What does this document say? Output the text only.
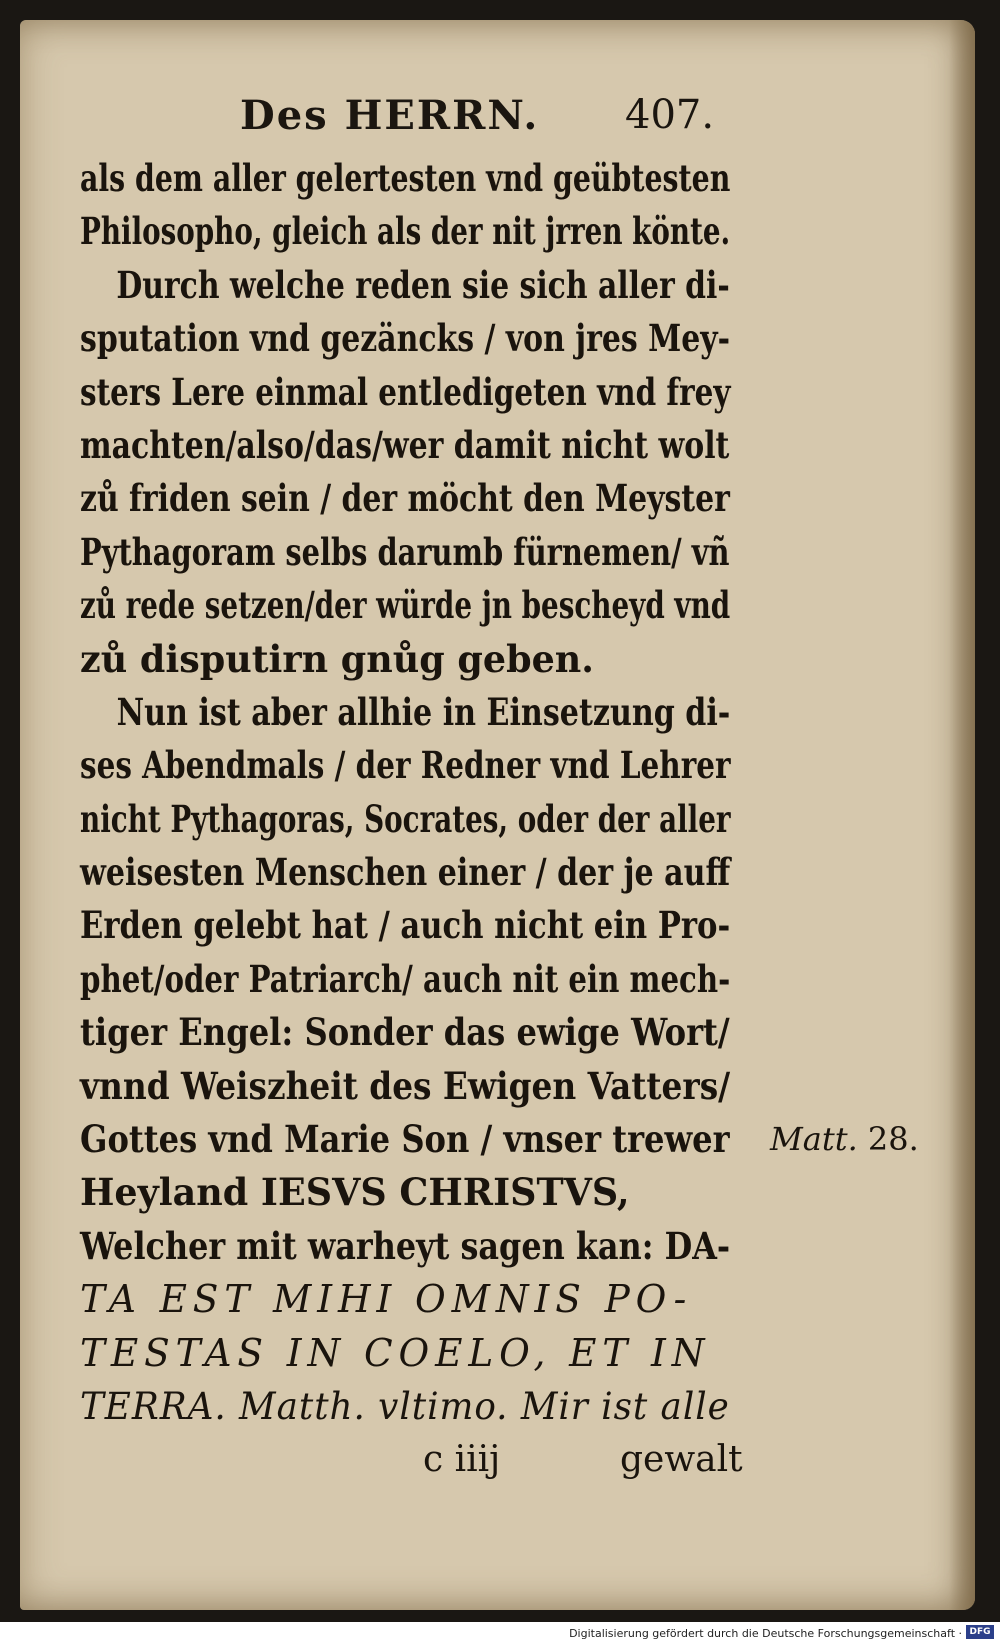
Des HERRN. 407.
als dem aller gelertesten vnd geübtesten
Philosopho, gleich als der nit jrren könte.
Durch welche reden sie sich aller di-
sputation vnd gezäncks / von jres Mey-
sters Lere einmal entledigeten vnd frey
machten/also/das/wer damit nicht wolt
zů friden sein / der möcht den Meyster
Pythagoram selbs darumb fürnemen/ vñ
zů rede setzen/der würde jn bescheyd vnd
zů disputirn gnůg geben.
Nun ist aber allhie in Einsetzung di-
ses Abendmals / der Redner vnd Lehrer
nicht Pythagoras, Socrates, oder der aller
weisesten Menschen einer / der je auff
Erden gelebt hat / auch nicht ein Pro-
phet/oder Patriarch/ auch nit ein mech-
tiger Engel: Sonder das ewige Wort/
vnnd Weiszheit des Ewigen Vatters/
Gottes vnd Marie Son / vnser trewer
Heyland IESVS CHRISTVS,
Welcher mit warheyt sagen kan: DA-
TA EST MIHI OMNIS PO-
TESTAS IN COELO, ET IN
TERRA. Matth. vltimo. Mir ist alle
c iiij	gewalt
Matt. 28.
Digitalisierung gefördert durch die Deutsche Forschungsgemeinschaft · DFG
